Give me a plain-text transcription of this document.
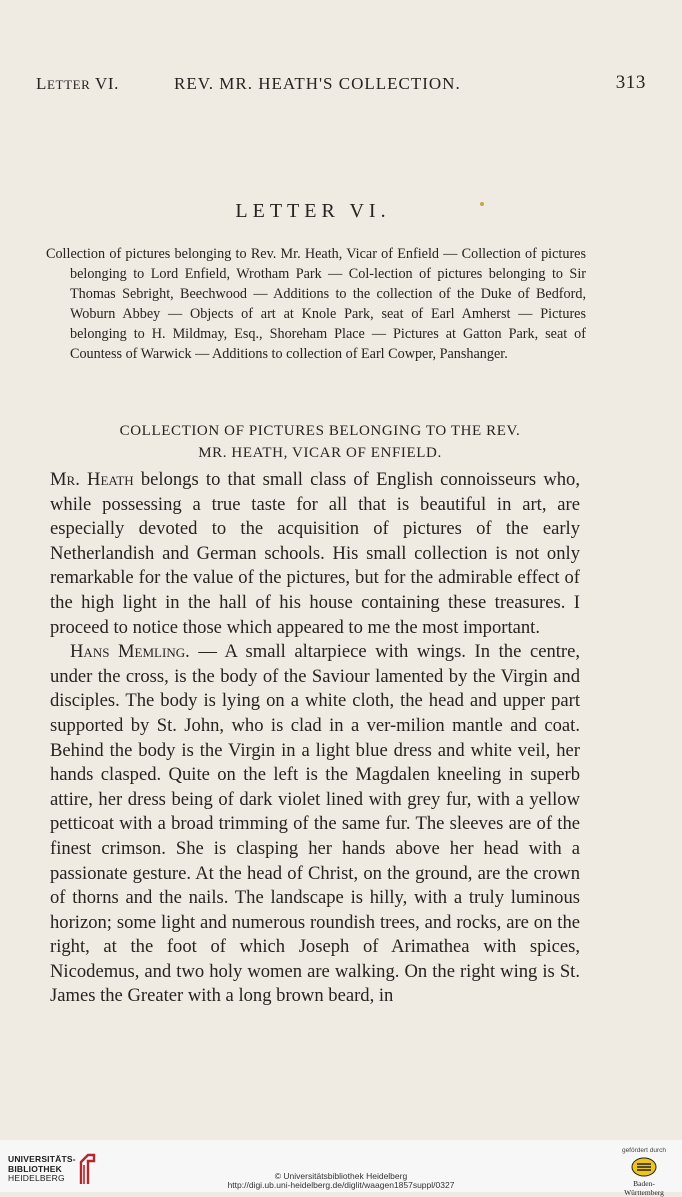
LETTER VI.	REV. MR. HEATH'S COLLECTION.	313
LETTER VI.

Collection of pictures belonging to Rev. Mr. Heath, Vicar of Enfield — Collection of pictures belonging to Lord Enfield, Wrotham Park — Col-lection of pictures belonging to Sir Thomas Sebright, Beechwood — Additions to the collection of the Duke of Bedford, Woburn Abbey — Objects of art at Knole Park, seat of Earl Amherst — Pictures belonging to H. Mildmay, Esq., Shoreham Place — Pictures at Gatton Park, seat of Countess of Warwick — Additions to collection of Earl Cowper, Panshanger.

COLLECTION OF PICTURES BELONGING TO THE REV.
MR. HEATH, VICAR OF ENFIELD.

Mr. Heath belongs to that small class of English connoisseurs who, while possessing a true taste for all that is beautiful in art, are especially devoted to the acquisition of pictures of the early Netherlandish and German schools. His small collection is not only remarkable for the value of the pictures, but for the admirable effect of the high light in the hall of his house containing these treasures. I proceed to notice those which appeared to me the most important.

Hans Memling. — A small altarpiece with wings. In the centre, under the cross, is the body of the Saviour lamented by the Virgin and disciples. The body is lying on a white cloth, the head and upper part supported by St. John, who is clad in a ver-milion mantle and coat. Behind the body is the Virgin in a light blue dress and white veil, her hands clasped. Quite on the left is the Magdalen kneeling in superb attire, her dress being of dark violet lined with grey fur, with a yellow petticoat with a broad trimming of the same fur. The sleeves are of the finest crimson. She is clasping her hands above her head with a passionate gesture. At the head of Christ, on the ground, are the crown of thorns and the nails. The landscape is hilly, with a truly luminous horizon; some light and numerous roundish trees, and rocks, are on the right, at the foot of which Joseph of Arimathea with spices, Nicodemus, and two holy women are walking. On the right wing is St. James the Greater with a long brown beard, in

UNIVERSITÄTS-
BIBLIOTHEK
HEIDELBERG	© Universitätsbibliothek Heidelberg
http://digi.ub.uni-heidelberg.de/diglit/waagen1857suppl/0327
gefördert durch
Baden-Württemberg
